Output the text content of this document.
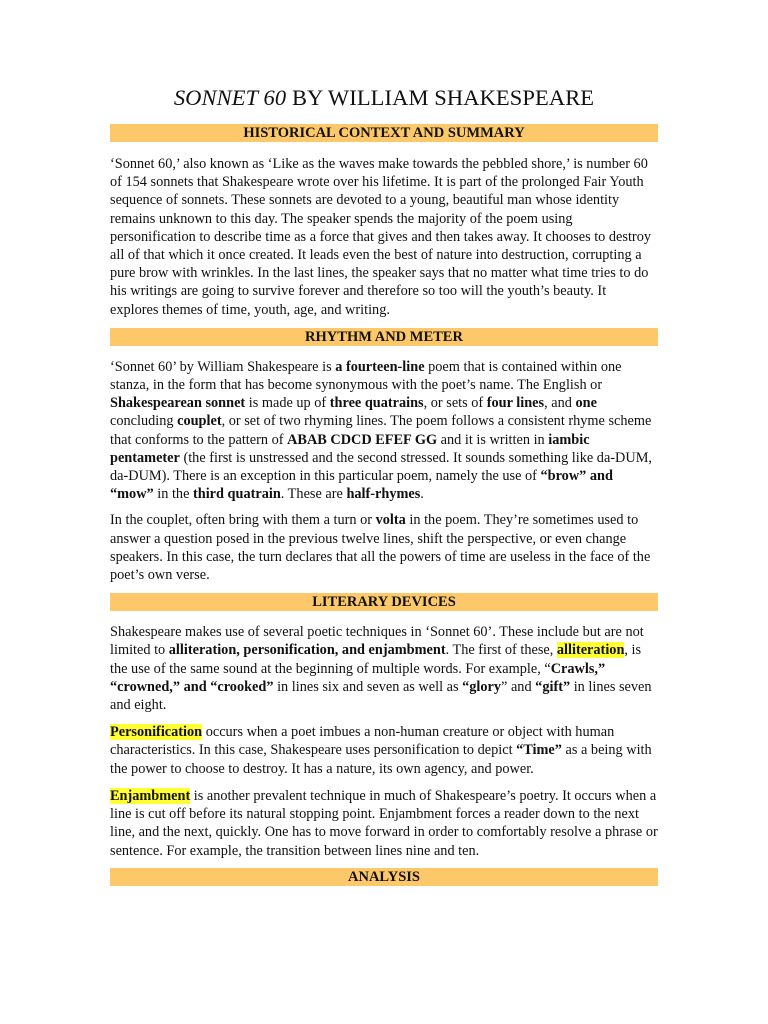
SONNET 60 BY WILLIAM SHAKESPEARE
HISTORICAL CONTEXT AND SUMMARY

‘Sonnet 60,’ also known as ‘Like as the waves make towards the pebbled shore,’ is number 60 of 154 sonnets that Shakespeare wrote over his lifetime. It is part of the prolonged Fair Youth sequence of sonnets. These sonnets are devoted to a young, beautiful man whose identity remains unknown to this day. The speaker spends the majority of the poem using personification to describe time as a force that gives and then takes away. It chooses to destroy all of that which it once created. It leads even the best of nature into destruction, corrupting a pure brow with wrinkles. In the last lines, the speaker says that no matter what time tries to do his writings are going to survive forever and therefore so too will the youth’s beauty. It explores themes of time, youth, age, and writing.

RHYTHM AND METER

‘Sonnet 60’ by William Shakespeare is a fourteen-line poem that is contained within one stanza, in the form that has become synonymous with the poet’s name. The English or Shakespearean sonnet is made up of three quatrains, or sets of four lines, and one concluding couplet, or set of two rhyming lines. The poem follows a consistent rhyme scheme that conforms to the pattern of ABAB CDCD EFEF GG and it is written in iambic pentameter (the first is unstressed and the second stressed. It sounds something like da-DUM, da-DUM). There is an exception in this particular poem, namely the use of “brow” and “mow” in the third quatrain. These are half-rhymes.

In the couplet, often bring with them a turn or volta in the poem. They’re sometimes used to answer a question posed in the previous twelve lines, shift the perspective, or even change speakers. In this case, the turn declares that all the powers of time are useless in the face of the poet’s own verse.

LITERARY DEVICES

Shakespeare makes use of several poetic techniques in ‘Sonnet 60’. These include but are not limited to alliteration, personification, and enjambment. The first of these, alliteration, is the use of the same sound at the beginning of multiple words. For example, “Crawls,” “crowned,” and “crooked” in lines six and seven as well as “glory” and “gift” in lines seven and eight.

Personification occurs when a poet imbues a non-human creature or object with human characteristics. In this case, Shakespeare uses personification to depict “Time” as a being with the power to choose to destroy. It has a nature, its own agency, and power.

Enjambment is another prevalent technique in much of Shakespeare’s poetry. It occurs when a line is cut off before its natural stopping point. Enjambment forces a reader down to the next line, and the next, quickly. One has to move forward in order to comfortably resolve a phrase or sentence. For example, the transition between lines nine and ten.

ANALYSIS
